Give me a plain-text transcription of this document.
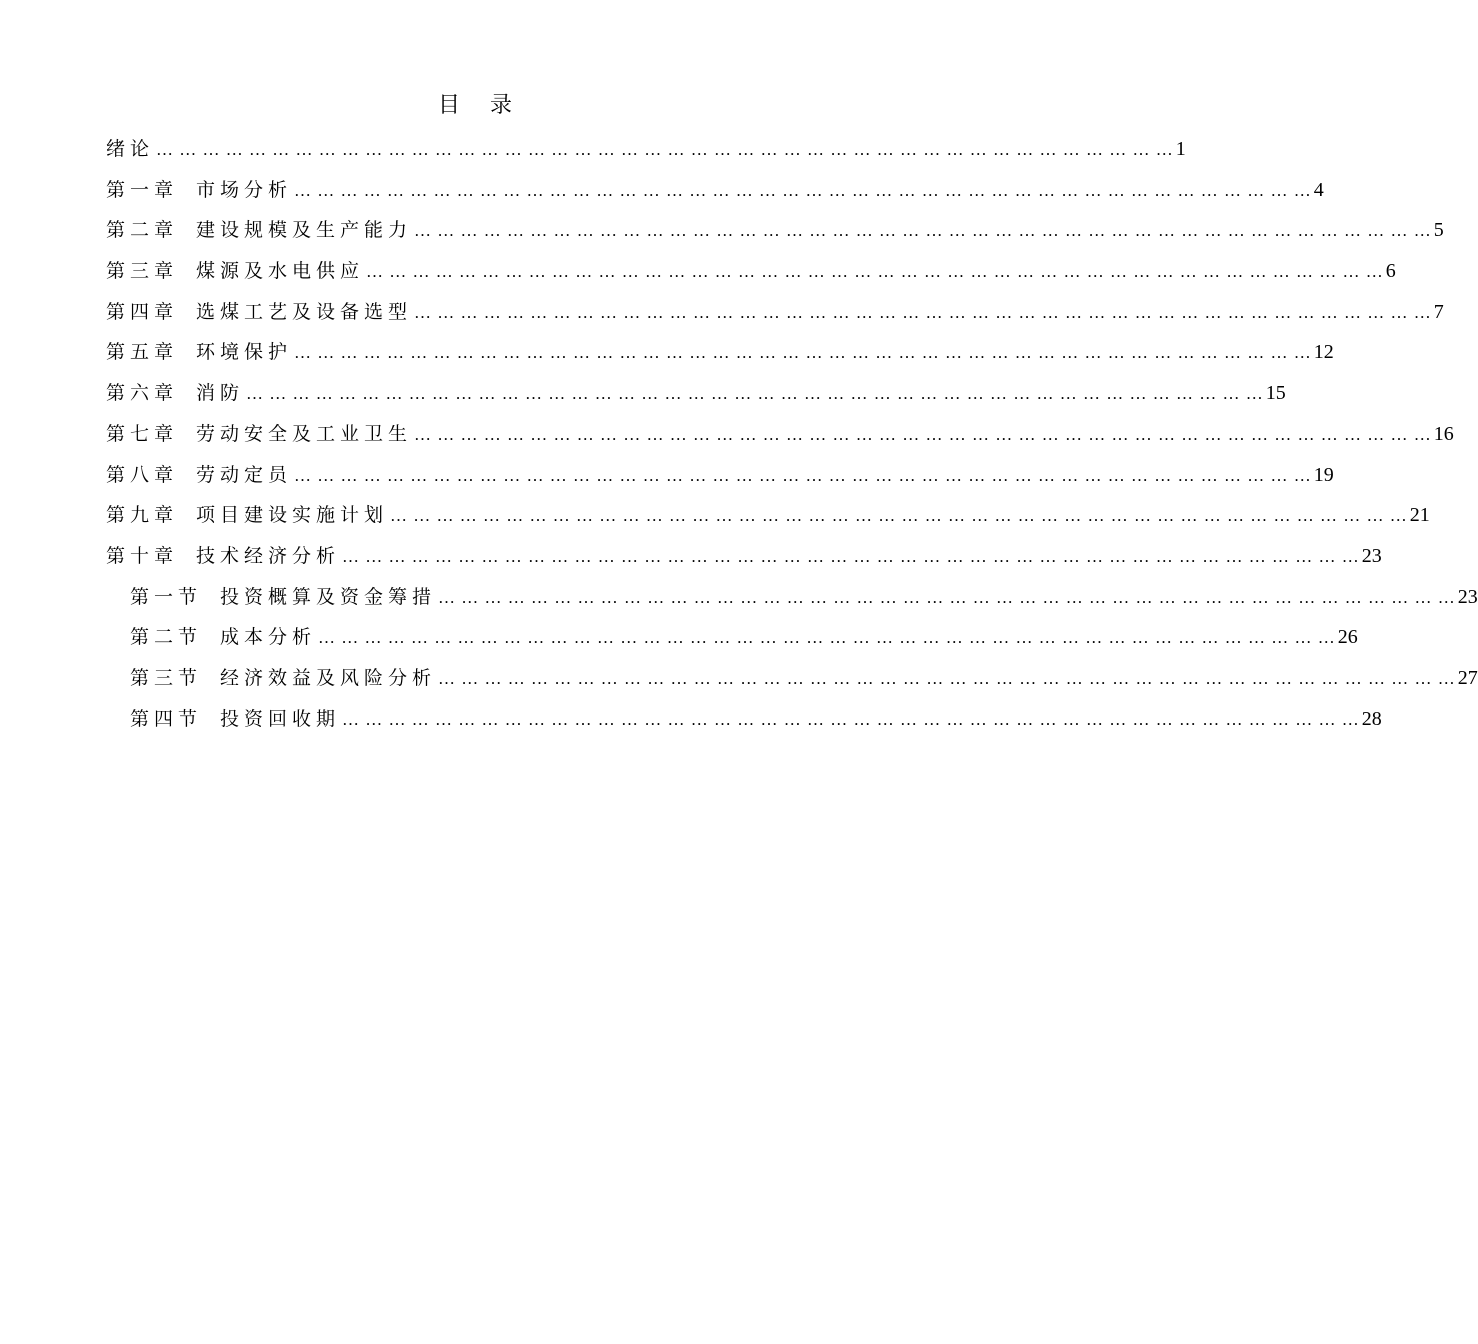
目录
绪论 … … … … … … … … … … … … … … … … … … … … … … … … … … … … … … … … … … … … … … … … … … … … 1
第一章 市场分析 … … … … … … … … … … … … … … … … … … … … … … … … … … … … … … … … … … … … … … … … … … … … 4
第二章 建设规模及生产能力 … … … … … … … … … … … … … … … … … … … … … … … … … … … … … … … … … … … … … … … … … … … … 5
第三章 煤源及水电供应 … … … … … … … … … … … … … … … … … … … … … … … … … … … … … … … … … … … … … … … … … … … … 6
第四章 选煤工艺及设备选型 … … … … … … … … … … … … … … … … … … … … … … … … … … … … … … … … … … … … … … … … … … … … 7
第五章 环境保护 … … … … … … … … … … … … … … … … … … … … … … … … … … … … … … … … … … … … … … … … … … … … 12
第六章 消防 … … … … … … … … … … … … … … … … … … … … … … … … … … … … … … … … … … … … … … … … … … … … 15
第七章 劳动安全及工业卫生 … … … … … … … … … … … … … … … … … … … … … … … … … … … … … … … … … … … … … … … … … … … … 16
第八章 劳动定员 … … … … … … … … … … … … … … … … … … … … … … … … … … … … … … … … … … … … … … … … … … … … 19
第九章 项目建设实施计划 … … … … … … … … … … … … … … … … … … … … … … … … … … … … … … … … … … … … … … … … … … … … 21
第十章 技术经济分析 … … … … … … … … … … … … … … … … … … … … … … … … … … … … … … … … … … … … … … … … … … … … 23
第一节 投资概算及资金筹措 … … … … … … … … … … … … … … … … … … … … … … … … … … … … … … … … … … … … … … … … … … … … 23
第二节 成本分析 … … … … … … … … … … … … … … … … … … … … … … … … … … … … … … … … … … … … … … … … … … … … 26
第三节 经济效益及风险分析 … … … … … … … … … … … … … … … … … … … … … … … … … … … … … … … … … … … … … … … … … … … … 27
第四节 投资回收期 … … … … … … … … … … … … … … … … … … … … … … … … … … … … … … … … … … … … … … … … … … … … 28
